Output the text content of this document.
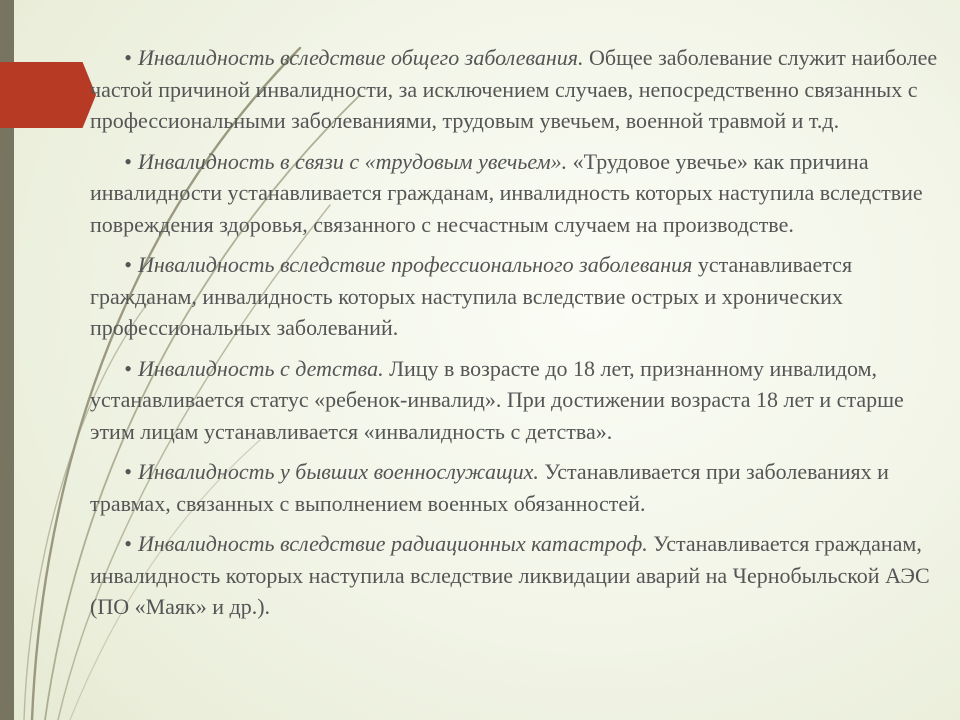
• Инвалидность вследствие общего заболевания. Общее заболевание служит наиболее частой причиной инвалидности, за исключением случаев, непосредственно связанных с профессиональными заболеваниями, трудовым увечьем, военной травмой и т.д.

• Инвалидность в связи с «трудовым увечьем». «Трудовое увечье» как причина инвалидности устанавливается гражданам, инвалидность которых наступила вследствие повреждения здоровья, связанного с несчастным случаем на производстве.

• Инвалидность вследствие профессионального заболевания устанавливается гражданам, инвалидность которых наступила вследствие острых и хронических профессиональных заболеваний.

• Инвалидность с детства. Лицу в возрасте до 18 лет, признанному инвалидом, устанавливается статус «ребенок-инвалид». При достижении возраста 18 лет и старше этим лицам устанавливается «инвалидность с детства».

• Инвалидность у бывших военнослужащих. Устанавливается при заболеваниях и травмах, связанных с выполнением военных обязанностей.

• Инвалидность вследствие радиационных катастроф. Устанавливается гражданам, инвалидность которых наступила вследствие ликвидации аварий на Чернобыльской АЭС (ПО «Маяк» и др.).
